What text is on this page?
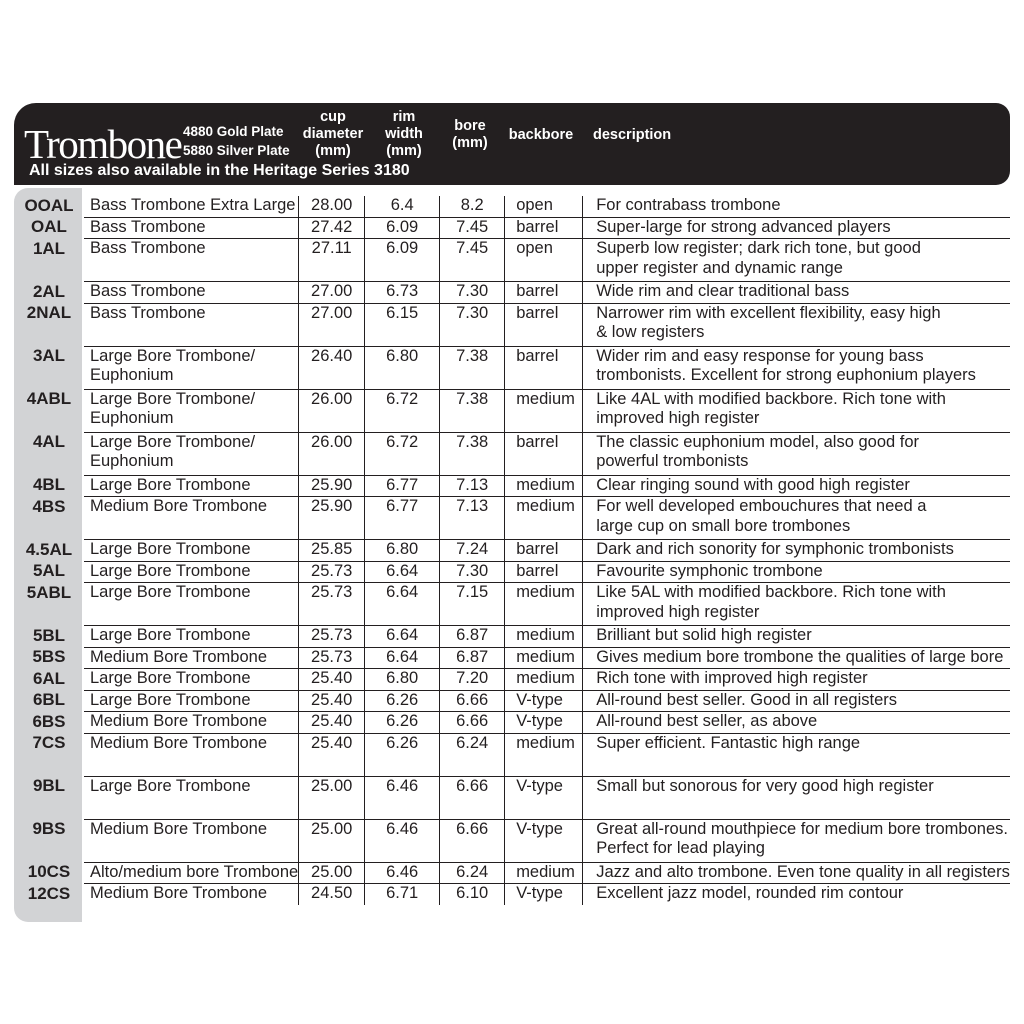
Trombone 4880 Gold Plate
5880 Silver Plate
All sizes also available in the Heritage Series 3180
cup
diameter
(mm)
rim
width
(mm)
bore
(mm)	backbore	description
OOAL	Bass Trombone Extra Large	28.00	6.4	8.2	open	For contrabass trombone
OAL	Bass Trombone	27.42	6.09	7.45	barrel	Super-large for strong advanced players
1AL	Bass Trombone	27.11	6.09	7.45	open	Superb low register; dark rich tone, but good
upper register and dynamic range
2AL	Bass Trombone	27.00	6.73	7.30	barrel	Wide rim and clear traditional bass
2NAL	Bass Trombone	27.00	6.15	7.30	barrel	Narrower rim with excellent flexibility, easy high
& low registers
3AL	Large Bore Trombone/
Euphonium	26.40	6.80	7.38	barrel	Wider rim and easy response for young bass
trombonists. Excellent for strong euphonium players
4ABL	Large Bore Trombone/
Euphonium	26.00	6.72	7.38	medium	Like 4AL with modified backbore. Rich tone with
improved high register
4AL	Large Bore Trombone/
Euphonium	26.00	6.72	7.38	barrel	The classic euphonium model, also good for
powerful trombonists
4BL	Large Bore Trombone	25.90	6.77	7.13	medium	Clear ringing sound with good high register
4BS	Medium Bore Trombone	25.90	6.77	7.13	medium	For well developed embouchures that need a
large cup on small bore trombones
4.5AL	Large Bore Trombone	25.85	6.80	7.24	barrel	Dark and rich sonority for symphonic trombonists
5AL	Large Bore Trombone	25.73	6.64	7.30	barrel	Favourite symphonic trombone
5ABL	Large Bore Trombone	25.73	6.64	7.15	medium	Like 5AL with modified backbore. Rich tone with
improved high register
5BL	Large Bore Trombone	25.73	6.64	6.87	medium	Brilliant but solid high register
5BS	Medium Bore Trombone	25.73	6.64	6.87	medium	Gives medium bore trombone the qualities of large bore
6AL	Large Bore Trombone	25.40	6.80	7.20	medium	Rich tone with improved high register
6BL	Large Bore Trombone	25.40	6.26	6.66	V-type	All-round best seller. Good in all registers
6BS	Medium Bore Trombone	25.40	6.26	6.66	V-type	All-round best seller, as above
7CS	Medium Bore Trombone	25.40	6.26	6.24	medium	Super efficient. Fantastic high range
9BL	Large Bore Trombone	25.00	6.46	6.66	V-type	Small but sonorous for very good high register
9BS	Medium Bore Trombone	25.00	6.46	6.66	V-type	Great all-round mouthpiece for medium bore trombones.
Perfect for lead playing
10CS	Alto/medium bore Trombone	25.00	6.46	6.24	medium	Jazz and alto trombone. Even tone quality in all registers
12CS	Medium Bore Trombone	24.50	6.71	6.10	V-type	Excellent jazz model, rounded rim contour
